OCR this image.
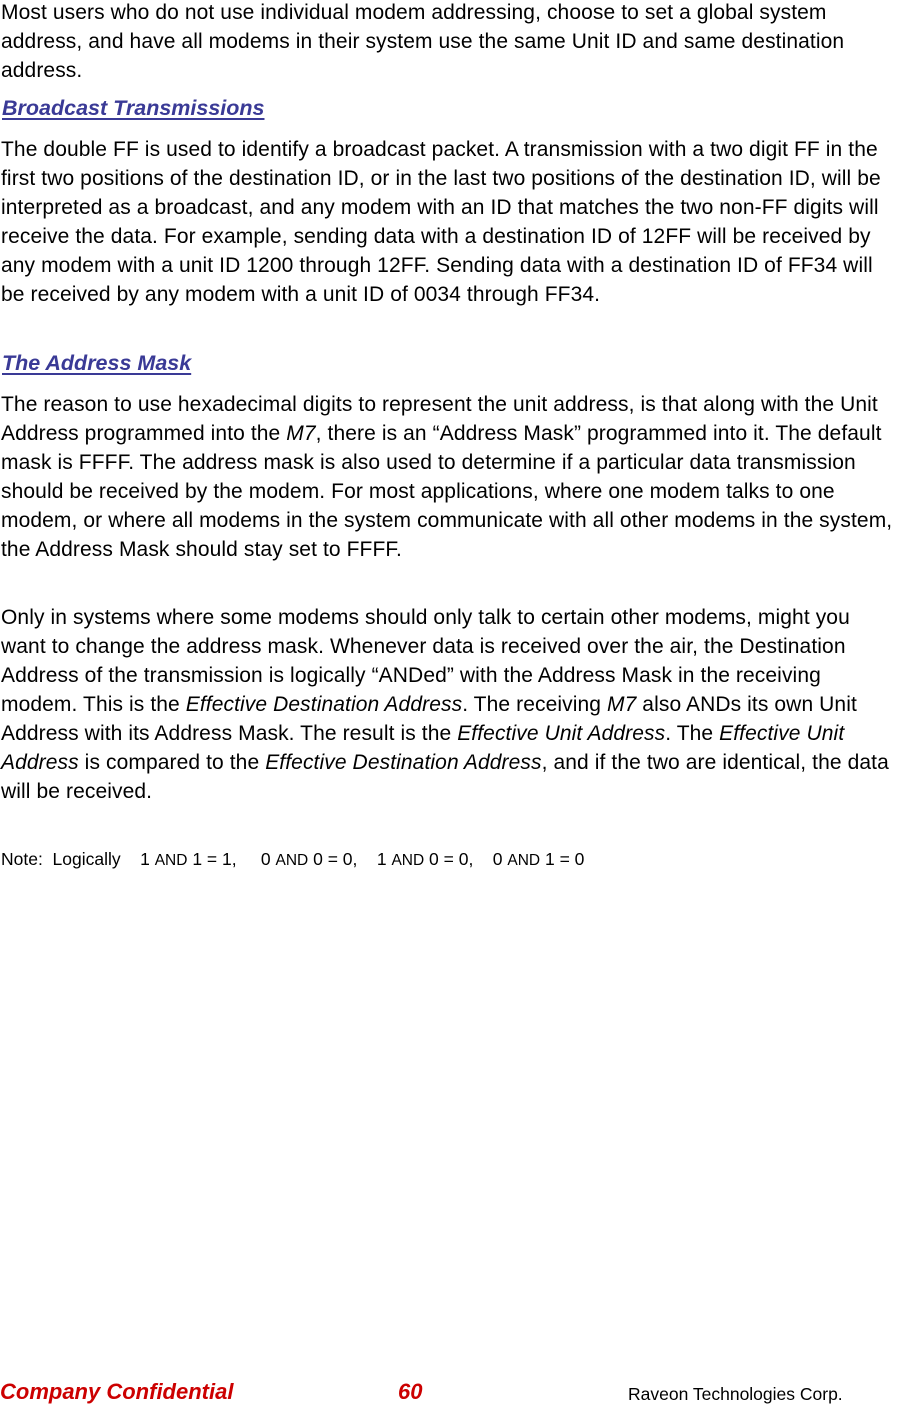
Most users who do not use individual modem addressing, choose to set a global system address, and have all modems in their system use the same Unit ID and same destination address.

Broadcast Transmissions

The double FF is used to identify a broadcast packet. A transmission with a two digit FF in the first two positions of the destination ID, or in the last two positions of the destination ID, will be interpreted as a broadcast, and any modem with an ID that matches the two non-FF digits will receive the data. For example, sending data with a destination ID of 12FF will be received by any modem with a unit ID 1200 through 12FF. Sending data with a destination ID of FF34 will be received by any modem with a unit ID of 0034 through FF34.

The Address Mask

The reason to use hexadecimal digits to represent the unit address, is that along with the Unit Address programmed into the M7, there is an “Address Mask” programmed into it. The default mask is FFFF. The address mask is also used to determine if a particular data transmission should be received by the modem. For most applications, where one modem talks to one modem, or where all modems in the system communicate with all other modems in the system, the Address Mask should stay set to FFFF.

Only in systems where some modems should only talk to certain other modems, might you want to change the address mask. Whenever data is received over the air, the Destination Address of the transmission is logically “ANDed” with the Address Mask in the receiving modem. This is the Effective Destination Address. The receiving M7 also ANDs its own Unit Address with its Address Mask. The result is the Effective Unit Address. The Effective Unit Address is compared to the Effective Destination Address, and if the two are identical, the data will be received.

Note:  Logically    1 AND 1 = 1,     0 AND 0 = 0,    1 AND 0 = 0,    0 AND 1 = 0

Company Confidential	60	Raveon Technologies Corp.
